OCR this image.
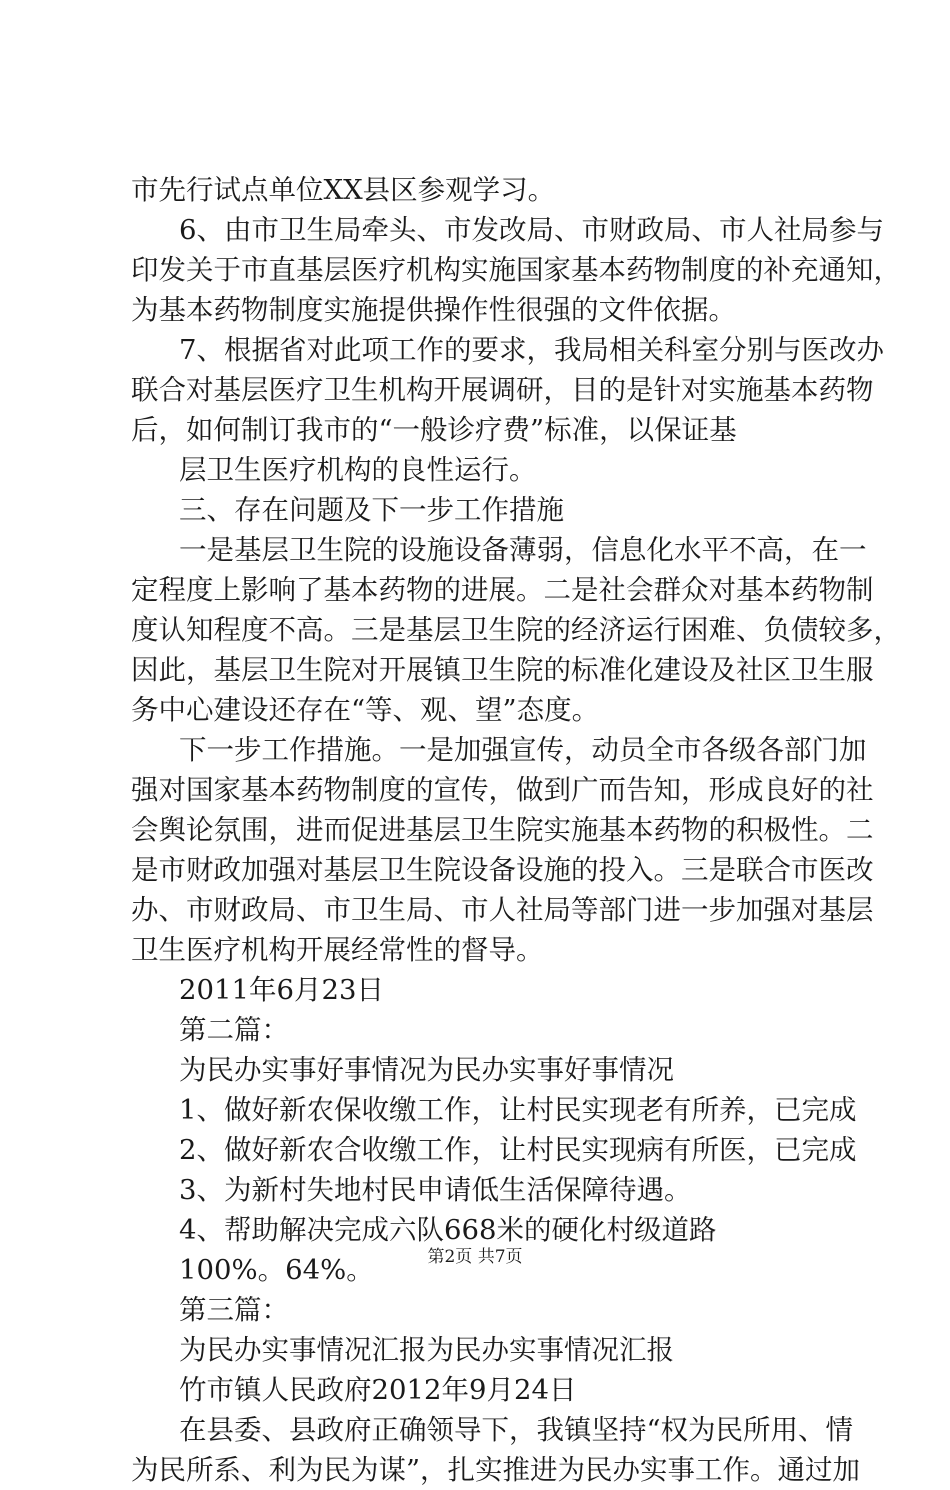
市先行试点单位XX县区参观学习。
6、由市卫生局牵头、市发改局、市财政局、市人社局参与
印发关于市直基层医疗机构实施国家基本药物制度的补充通知，
为基本药物制度实施提供操作性很强的文件依据。
7、根据省对此项工作的要求，我局相关科室分别与医改办
联合对基层医疗卫生机构开展调研，目的是针对实施基本药物
后，如何制订我市的“一般诊疗费”标准，以保证基
层卫生医疗机构的良性运行。
三、存在问题及下一步工作措施
一是基层卫生院的设施设备薄弱，信息化水平不高，在一
定程度上影响了基本药物的进展。二是社会群众对基本药物制
度认知程度不高。三是基层卫生院的经济运行困难、负债较多，
因此，基层卫生院对开展镇卫生院的标准化建设及社区卫生服
务中心建设还存在“等、观、望”态度。
下一步工作措施。一是加强宣传，动员全市各级各部门加
强对国家基本药物制度的宣传，做到广而告知，形成良好的社
会舆论氛围，进而促进基层卫生院实施基本药物的积极性。二
是市财政加强对基层卫生院设备设施的投入。三是联合市医改
办、市财政局、市卫生局、市人社局等部门进一步加强对基层
卫生医疗机构开展经常性的督导。
2011年6月23日
第二篇：
为民办实事好事情况为民办实事好事情况
1、做好新农保收缴工作，让村民实现老有所养，已完成
2、做好新农合收缴工作，让村民实现病有所医，已完成
3、为新村失地村民申请低生活保障待遇。
4、帮助解决完成六队668米的硬化村级道路
100%。64%。
第三篇：
为民办实事情况汇报为民办实事情况汇报
竹市镇人民政府2012年9月24日
在县委、县政府正确领导下，我镇坚持“权为民所用、情
为民所系、利为民为谋”，扎实推进为民办实事工作。通过加
第2页 共7页
